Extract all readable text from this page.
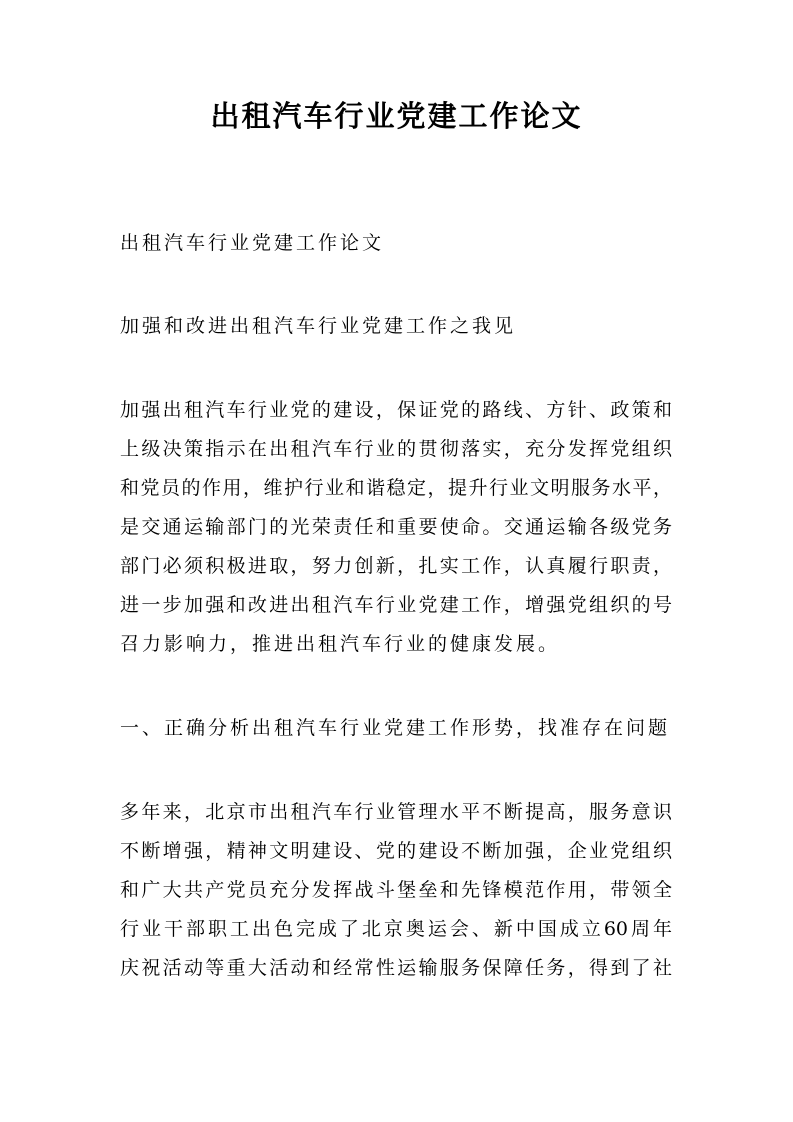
出租汽车行业党建工作论文

出租汽车行业党建工作论文

加强和改进出租汽车行业党建工作之我见

加强出租汽车行业党的建设，保证党的路线、方针、政策和

上级决策指示在出租汽车行业的贯彻落实，充分发挥党组织

和党员的作用，维护行业和谐稳定，提升行业文明服务水平，

是交通运输部门的光荣责任和重要使命。交通运输各级党务

部门必须积极进取，努力创新，扎实工作，认真履行职责，

进一步加强和改进出租汽车行业党建工作，增强党组织的号

召力影响力，推进出租汽车行业的健康发展。

一、正确分析出租汽车行业党建工作形势，找准存在问题

多年来，北京市出租汽车行业管理水平不断提高，服务意识

不断增强，精神文明建设、党的建设不断加强，企业党组织

和广大共产党员充分发挥战斗堡垒和先锋模范作用，带领全

行业干部职工出色完成了北京奥运会、新中国成立60周年

庆祝活动等重大活动和经常性运输服务保障任务，得到了社
